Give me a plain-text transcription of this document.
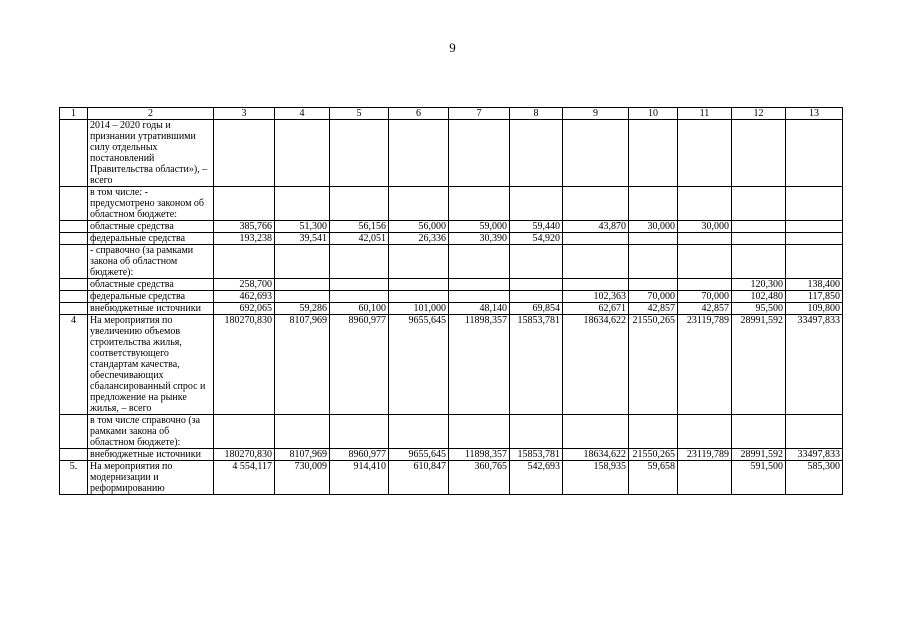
9
1	2	3	4	5	6	7	8	9	10	11	12	13
	2014 – 2020 годы и признании утратившими силу отдельных постановлений Правительства области»), – всего											
	в том числе: - предусмотрено законом об областном бюджете:											
	областные средства	385,766	51,300	56,156	56,000	59,000	59,440	43,870	30,000	30,000		
	федеральные средства	193,238	39,541	42,051	26,336	30,390	54,920					
	- справочно (за рамками закона об областном бюджете):											
	областные средства	258,700									120,300	138,400
	федеральные средства	462,693						102,363	70,000	70,000	102,480	117,850
	внебюджетные источники	692,065	59,286	60,100	101,000	48,140	69,854	62,671	42,857	42,857	95,500	109,800
4	На мероприятия по увеличению объемов строительства жилья, соответствующего стандартам качества, обеспечивающих сбалансированный спрос и предложение на рынке жилья, – всего	180270,830	8107,969	8960,977	9655,645	11898,357	15853,781	18634,622	21550,265	23119,789	28991,592	33497,833
	в том числе справочно (за рамками закона об областном бюджете):											
	внебюджетные источники	180270,830	8107,969	8960,977	9655,645	11898,357	15853,781	18634,622	21550,265	23119,789	28991,592	33497,833
5.	На мероприятия по модернизации и реформированию	4 554,117	730,009	914,410	610,847	360,765	542,693	158,935	59,658		591,500	585,300
